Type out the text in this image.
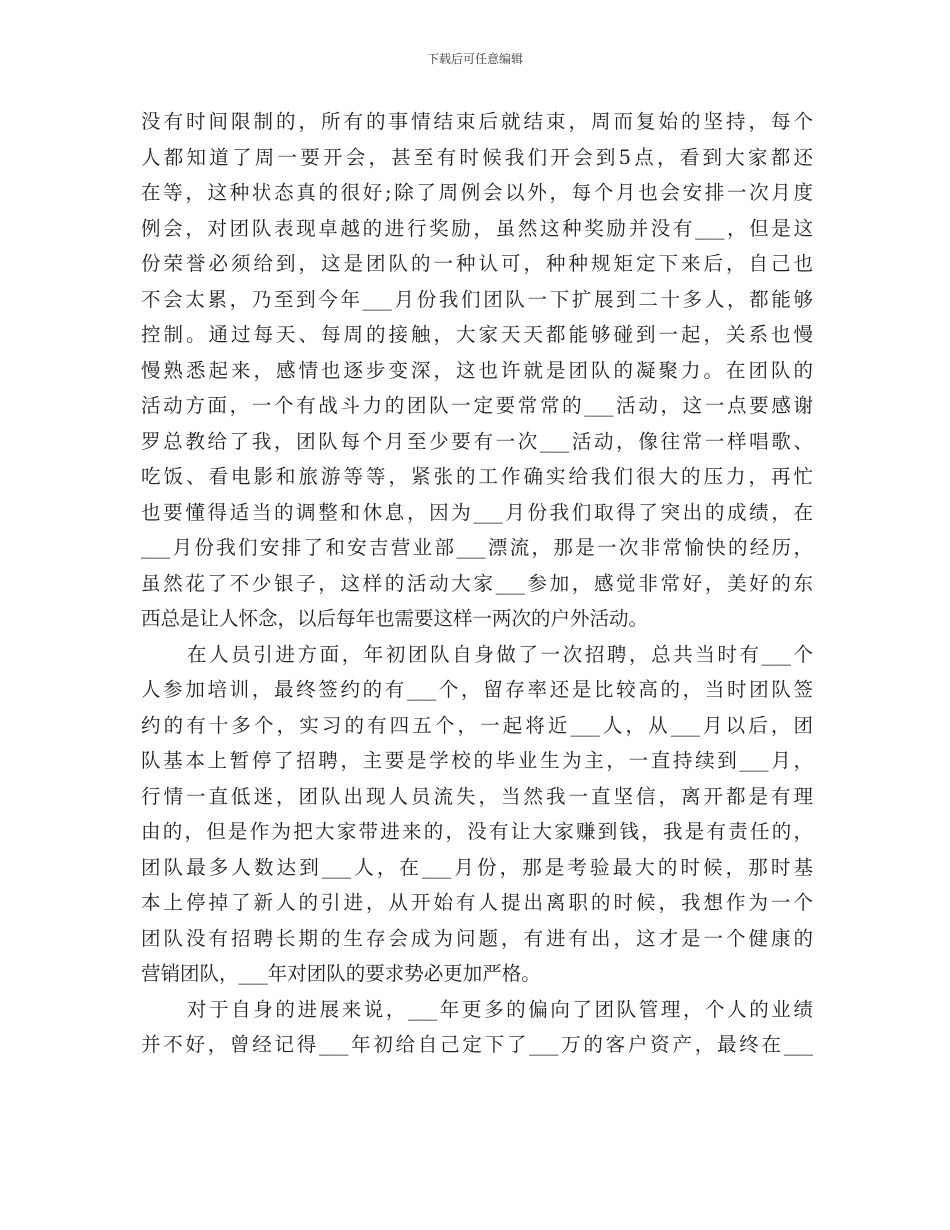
下载后可任意编辑
没有时间限制的，所有的事情结束后就结束，周而复始的坚持，每个
人都知道了周一要开会，甚至有时候我们开会到5点，看到大家都还
在等，这种状态真的很好;除了周例会以外，每个月也会安排一次月度
例会，对团队表现卓越的进行奖励，虽然这种奖励并没有___，但是这
份荣誉必须给到，这是团队的一种认可，种种规矩定下来后，自己也
不会太累，乃至到今年___月份我们团队一下扩展到二十多人，都能够
控制。通过每天、每周的接触，大家天天都能够碰到一起，关系也慢
慢熟悉起来，感情也逐步变深，这也许就是团队的凝聚力。在团队的
活动方面，一个有战斗力的团队一定要常常的___活动，这一点要感谢
罗总教给了我，团队每个月至少要有一次___活动，像往常一样唱歌、
吃饭、看电影和旅游等等，紧张的工作确实给我们很大的压力，再忙
也要懂得适当的调整和休息，因为___月份我们取得了突出的成绩，在
___月份我们安排了和安吉营业部___漂流，那是一次非常愉快的经历，
虽然花了不少银子，这样的活动大家___参加，感觉非常好，美好的东
西总是让人怀念，以后每年也需要这样一两次的户外活动。
在人员引进方面，年初团队自身做了一次招聘，总共当时有___个
人参加培训，最终签约的有___个，留存率还是比较高的，当时团队签
约的有十多个，实习的有四五个，一起将近___人，从___月以后，团
队基本上暂停了招聘，主要是学校的毕业生为主，一直持续到___月，
行情一直低迷，团队出现人员流失，当然我一直坚信，离开都是有理
由的，但是作为把大家带进来的，没有让大家赚到钱，我是有责任的，
团队最多人数达到___人，在___月份，那是考验最大的时候，那时基
本上停掉了新人的引进，从开始有人提出离职的时候，我想作为一个
团队没有招聘长期的生存会成为问题，有进有出，这才是一个健康的
营销团队，___年对团队的要求势必更加严格。
对于自身的进展来说，___年更多的偏向了团队管理，个人的业绩
并不好，曾经记得___年初给自己定下了___万的客户资产，最终在___
